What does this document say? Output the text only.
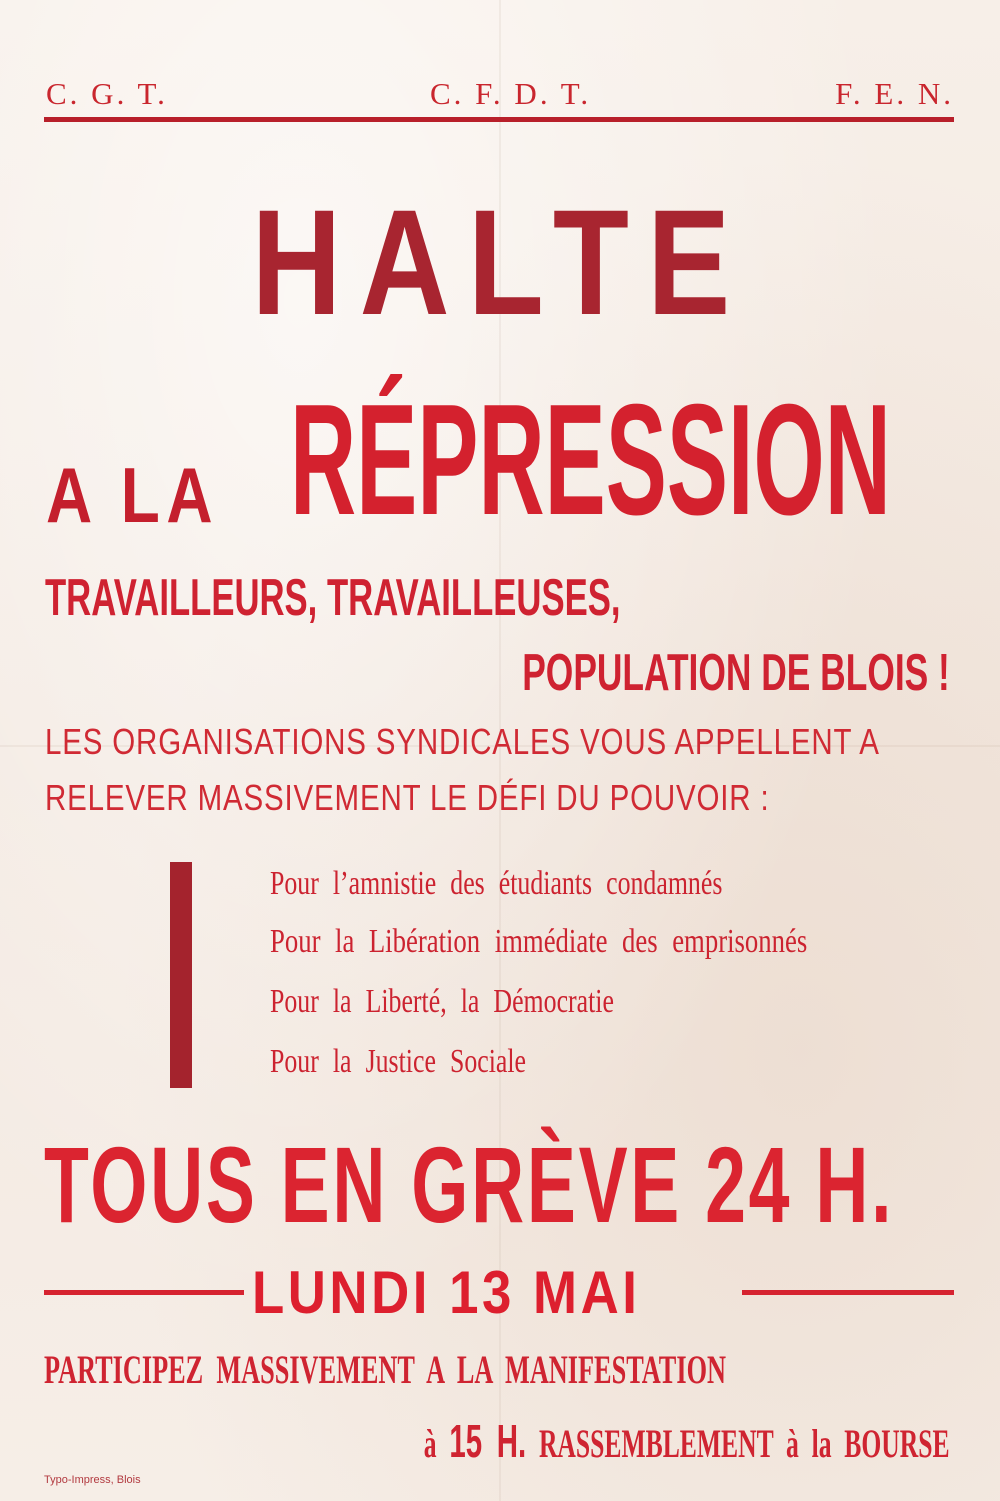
C. G. T.	C. F. D. T.	F. E. N.
HALTE
A LA RÉPRESSION
TRAVAILLEURS, TRAVAILLEUSES,
POPULATION DE BLOIS !
LES ORGANISATIONS SYNDICALES VOUS APPELLENT A
RELEVER MASSIVEMENT LE DÉFI DU POUVOIR :
Pour l’amnistie des étudiants condamnés
Pour la Libération immédiate des emprisonnés
Pour la Liberté, la Démocratie
Pour la Justice Sociale
TOUS EN GRÈVE 24 H.
LUNDI 13 MAI
PARTICIPEZ MASSIVEMENT A LA MANIFESTATION
à 15 H. RASSEMBLEMENT à la BOURSE
Typo-Impress, Blois
